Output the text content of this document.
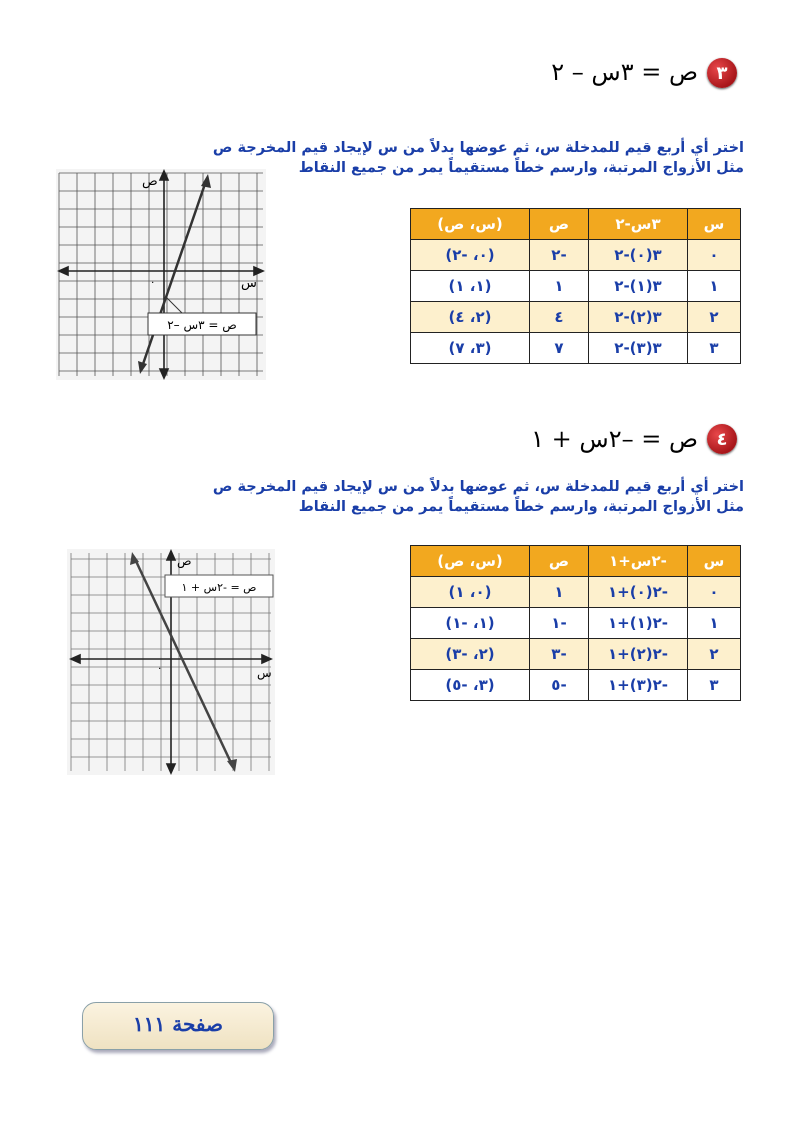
٣
ص = ٣س – ٢
اختر أي أربع قيم للمدخلة س، ثم عوضها بدلاً من س لإيجاد قيم المخرجة ص
مثل الأزواج المرتبة، وارسم خطاً مستقيماً يمر من جميع النقاط
ص
س
٠
ص = ٣س –٢
س	٣س-٢	ص	(س، ص)
٠	٣(٠)-٢	-٢	(٠، -٢)
١	٣(١)-٢	١	(١، ١)
٢	٣(٢)-٢	٤	(٢، ٤)
٣	٣(٣)-٢	٧	(٣، ٧)
٤
ص = –٢س + ١
اختر أي أربع قيم للمدخلة س، ثم عوضها بدلاً من س لإيجاد قيم المخرجة ص
مثل الأزواج المرتبة، وارسم خطاً مستقيماً يمر من جميع النقاط
ص
س
٠
ص = -٢س + ١
س	-٢س+١	ص	(س، ص)
٠	-٢(٠)+١	١	(٠، ١)
١	-٢(١)+١	-١	(١، -١)
٢	-٢(٢)+١	-٣	(٢، -٣)
٣	-٢(٣)+١	-٥	(٣، -٥)
صفحة ١١١
